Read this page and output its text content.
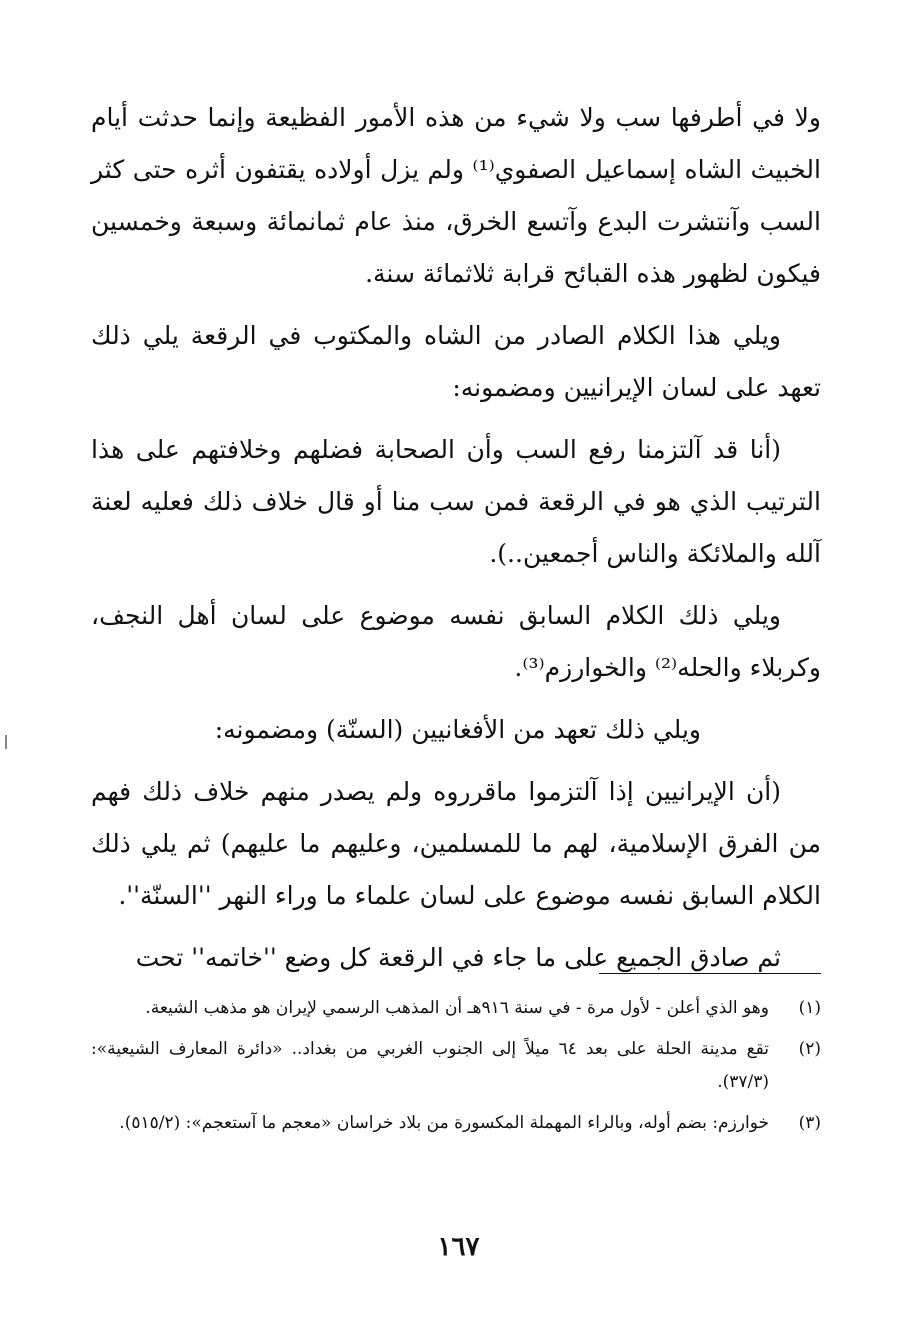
ولا في أطرفها سب ولا شيء من هذه الأمور الفظيعة وإنما حدثت أيام الخبيث الشاه إسماعيل الصفوي⁽¹⁾ ولم يزل أولاده يقتفون أثره حتى كثر السب وآنتشرت البدع وآتسع الخرق، منذ عام ثمانمائة وسبعة وخمسين فيكون لظهور هذه القبائح قرابة ثلاثمائة سنة.

ويلي هذا الكلام الصادر من الشاه والمكتوب في الرقعة يلي ذلك تعهد على لسان الإيرانيين ومضمونه:

(أنا قد آلتزمنا رفع السب وأن الصحابة فضلهم وخلافتهم على هذا الترتيب الذي هو في الرقعة فمن سب منا أو قال خلاف ذلك فعليه لعنة آلله والملائكة والناس أجمعين..).

ويلي ذلك الكلام السابق نفسه موضوع على لسان أهل النجف، وكربلاء والحله⁽²⁾ والخوارزم⁽³⁾.

ويلي ذلك تعهد من الأفغانيين (السنّة) ومضمونه:

(أن الإيرانيين إذا آلتزموا ماقرروه ولم يصدر منهم خلاف ذلك فهم من الفرق الإسلامية، لهم ما للمسلمين، وعليهم ما عليهم) ثم يلي ذلك الكلام السابق نفسه موضوع على لسان علماء ما وراء النهر ''السنّة''.

ثم صادق الجميع على ما جاء في الرقعة كل وضع ''خاتمه'' تحت

(١)
وهو الذي أعلن - لأول مرة - في سنة ٩١٦هـ أن المذهب الرسمي لإيران هو مذهب الشيعة.
(٢)
تقع مدينة الحلة على بعد ٦٤ ميلاً إلى الجنوب الغربي من بغداد.. «دائرة المعارف الشيعية»: (٣٧/٣).
(٣)
خوارزم: بضم أوله، وبالراء المهملة المكسورة من بلاد خراسان «معجم ما آستعجم»: (٥١٥/٢).
١٦٧
